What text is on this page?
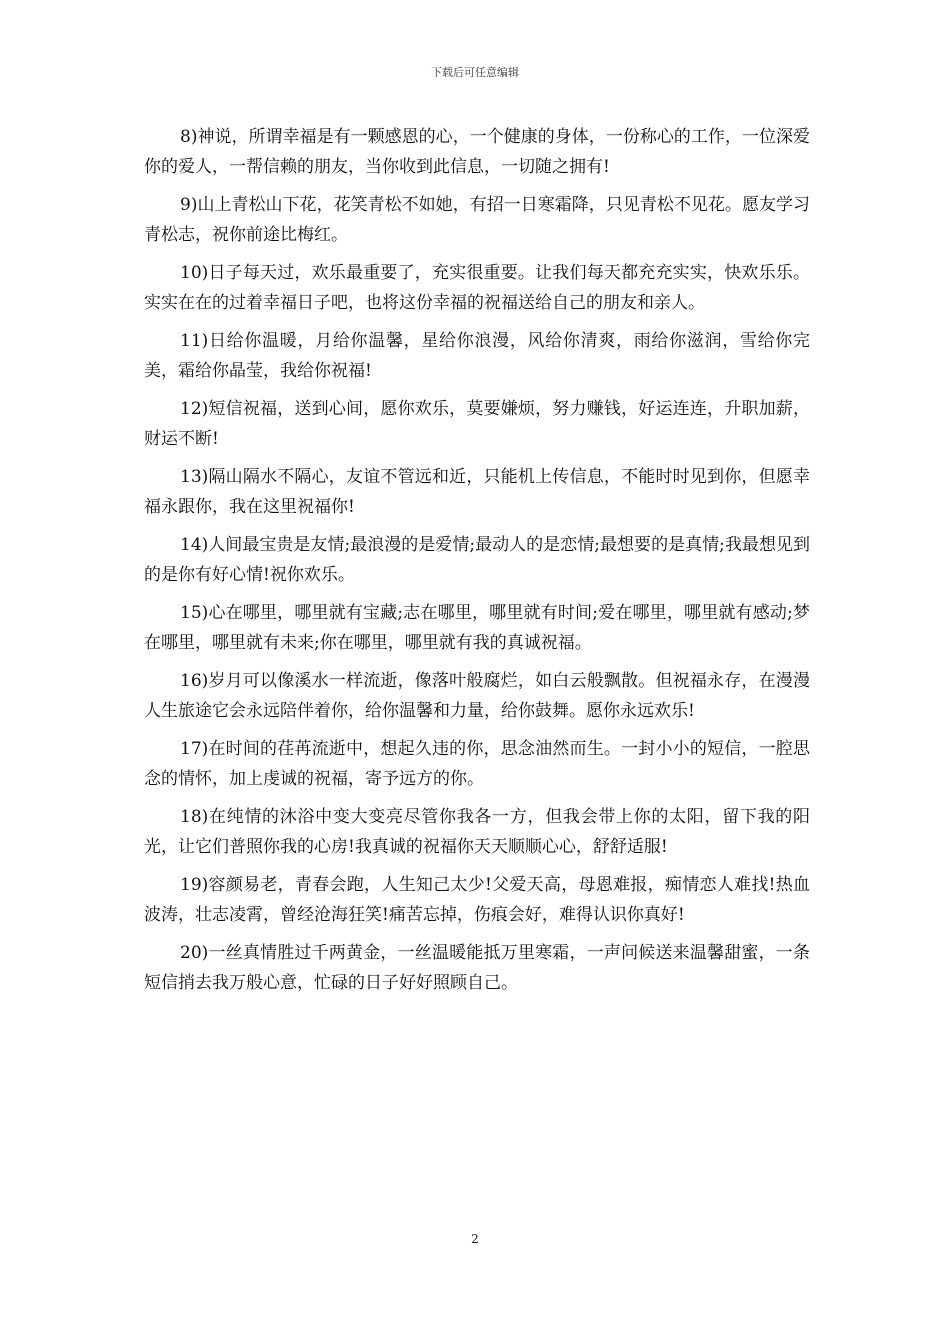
下载后可任意编辑

8)神说，所谓幸福是有一颗感恩的心，一个健康的身体，一份称心的工作，一位深爱你的爱人，一帮信赖的朋友，当你收到此信息，一切随之拥有!

9)山上青松山下花，花笑青松不如她，有招一日寒霜降，只见青松不见花。愿友学习青松志，祝你前途比梅红。

10)日子每天过，欢乐最重要了，充实很重要。让我们每天都充充实实，快欢乐乐。实实在在的过着幸福日子吧，也将这份幸福的祝福送给自己的朋友和亲人。

11)日给你温暖，月给你温馨，星给你浪漫，风给你清爽，雨给你滋润，雪给你完美，霜给你晶莹，我给你祝福!

12)短信祝福，送到心间，愿你欢乐，莫要嫌烦，努力赚钱，好运连连，升职加薪，财运不断!

13)隔山隔水不隔心，友谊不管远和近，只能机上传信息，不能时时见到你，但愿幸福永跟你，我在这里祝福你!

14)人间最宝贵是友情;最浪漫的是爱情;最动人的是恋情;最想要的是真情;我最想见到的是你有好心情!祝你欢乐。

15)心在哪里，哪里就有宝藏;志在哪里，哪里就有时间;爱在哪里，哪里就有感动;梦在哪里，哪里就有未来;你在哪里，哪里就有我的真诚祝福。

16)岁月可以像溪水一样流逝，像落叶般腐烂，如白云般飘散。但祝福永存，在漫漫人生旅途它会永远陪伴着你，给你温馨和力量，给你鼓舞。愿你永远欢乐!

17)在时间的荏苒流逝中，想起久违的你，思念油然而生。一封小小的短信，一腔思念的情怀，加上虔诚的祝福，寄予远方的你。

18)在纯情的沐浴中变大变亮尽管你我各一方，但我会带上你的太阳，留下我的阳光，让它们普照你我的心房!我真诚的祝福你天天顺顺心心，舒舒适服!

19)容颜易老，青春会跑，人生知己太少!父爱天高，母恩难报，痴情恋人难找!热血波涛，壮志凌霄，曾经沧海狂笑!痛苦忘掉，伤痕会好，难得认识你真好!

20)一丝真情胜过千两黄金，一丝温暖能抵万里寒霜，一声问候送来温馨甜蜜，一条短信捎去我万般心意，忙碌的日子好好照顾自己。

2
